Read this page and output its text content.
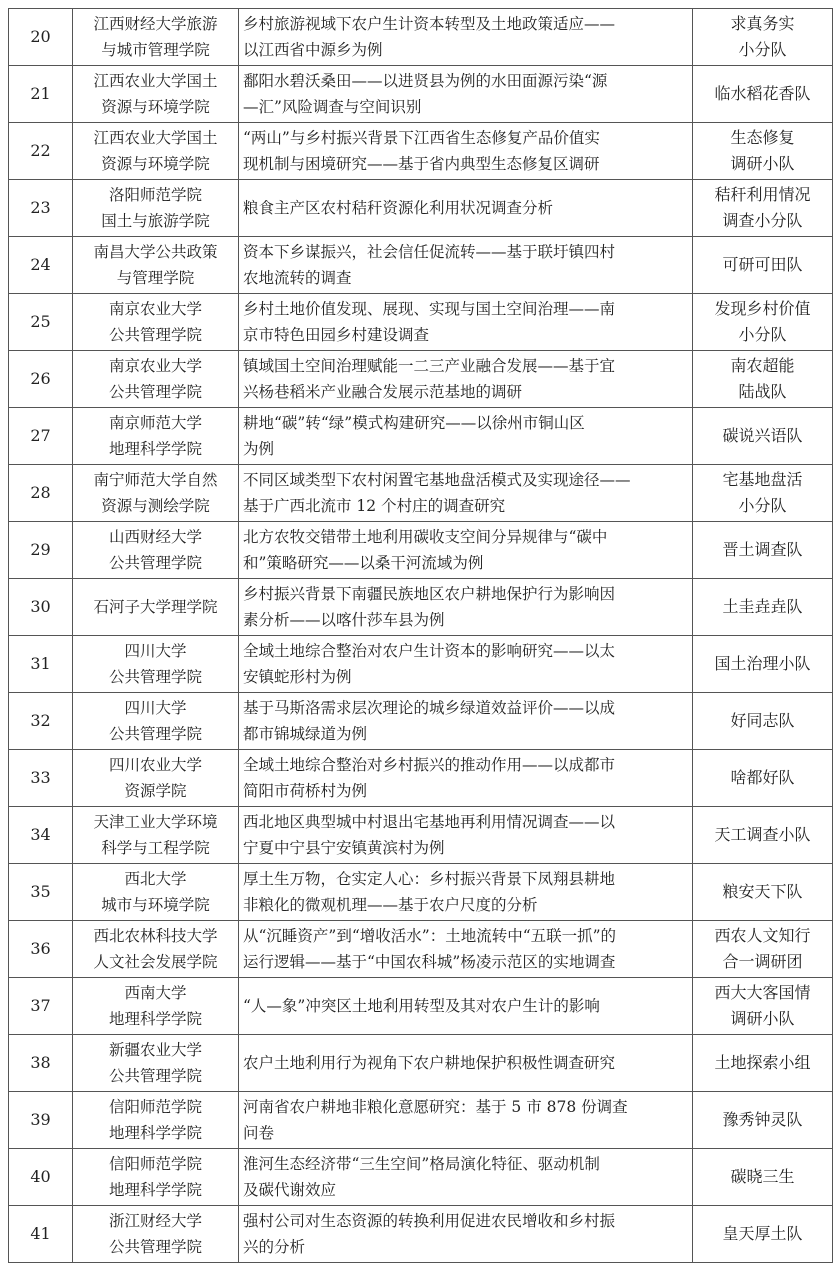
20	江西财经大学旅游
与城市管理学院	乡村旅游视域下农户生计资本转型及土地政策适应——
以江西省中源乡为例	求真务实
小分队

21	江西农业大学国土
资源与环境学院	鄱阳水碧沃桑田——以进贤县为例的水田面源污染“源
—汇”风险调查与空间识别	临水稻花香队

22	江西农业大学国土
资源与环境学院	“两山”与乡村振兴背景下江西省生态修复产品价值实
现机制与困境研究——基于省内典型生态修复区调研	生态修复
调研小队

23	洛阳师范学院
国土与旅游学院	粮食主产区农村秸秆资源化利用状况调查分析	秸秆利用情况
调查小分队

24	南昌大学公共政策
与管理学院	资本下乡谋振兴，社会信任促流转——基于联圩镇四村
农地流转的调查	可研可田队

25	南京农业大学
公共管理学院	乡村土地价值发现、展现、实现与国土空间治理——南
京市特色田园乡村建设调查	发现乡村价值
小分队

26	南京农业大学
公共管理学院	镇域国土空间治理赋能一二三产业融合发展——基于宜
兴杨巷稻米产业融合发展示范基地的调研	南农超能
陆战队

27	南京师范大学
地理科学学院	耕地“碳”转“绿”模式构建研究——以徐州市铜山区
为例	碳说兴语队

28	南宁师范大学自然
资源与测绘学院	不同区域类型下农村闲置宅基地盘活模式及实现途径——
基于广西北流市 12 个村庄的调查研究	宅基地盘活
小分队

29	山西财经大学
公共管理学院	北方农牧交错带土地利用碳收支空间分异规律与“碳中
和”策略研究——以桑干河流域为例	晋土调查队

30	石河子大学理学院	乡村振兴背景下南疆民族地区农户耕地保护行为影响因
素分析——以喀什莎车县为例	土圭垚垚队

31	四川大学
公共管理学院	全域土地综合整治对农户生计资本的影响研究——以太
安镇蛇形村为例	国土治理小队

32	四川大学
公共管理学院	基于马斯洛需求层次理论的城乡绿道效益评价——以成
都市锦城绿道为例	好同志队

33	四川农业大学
资源学院	全域土地综合整治对乡村振兴的推动作用——以成都市
简阳市荷桥村为例	啥都好队

34	天津工业大学环境
科学与工程学院	西北地区典型城中村退出宅基地再利用情况调查——以
宁夏中宁县宁安镇黄滨村为例	天工调查小队

35	西北大学
城市与环境学院	厚土生万物，仓实定人心：乡村振兴背景下凤翔县耕地
非粮化的微观机理——基于农户尺度的分析	粮安天下队

36	西北农林科技大学
人文社会发展学院	从“沉睡资产”到“增收活水”：土地流转中“五联一抓”的
运行逻辑——基于“中国农科城”杨凌示范区的实地调查	西农人文知行
合一调研团

37	西南大学
地理科学学院	“人—象”冲突区土地利用转型及其对农户生计的影响	西大大客国情
调研小队

38	新疆农业大学
公共管理学院	农户土地利用行为视角下农户耕地保护积极性调查研究	土地探索小组

39	信阳师范学院
地理科学学院	河南省农户耕地非粮化意愿研究：基于 5 市 878 份调查
问卷	豫秀钟灵队

40	信阳师范学院
地理科学学院	淮河生态经济带“三生空间”格局演化特征、驱动机制
及碳代谢效应	碳晓三生

41	浙江财经大学
公共管理学院	强村公司对生态资源的转换利用促进农民增收和乡村振
兴的分析	皇天厚土队
